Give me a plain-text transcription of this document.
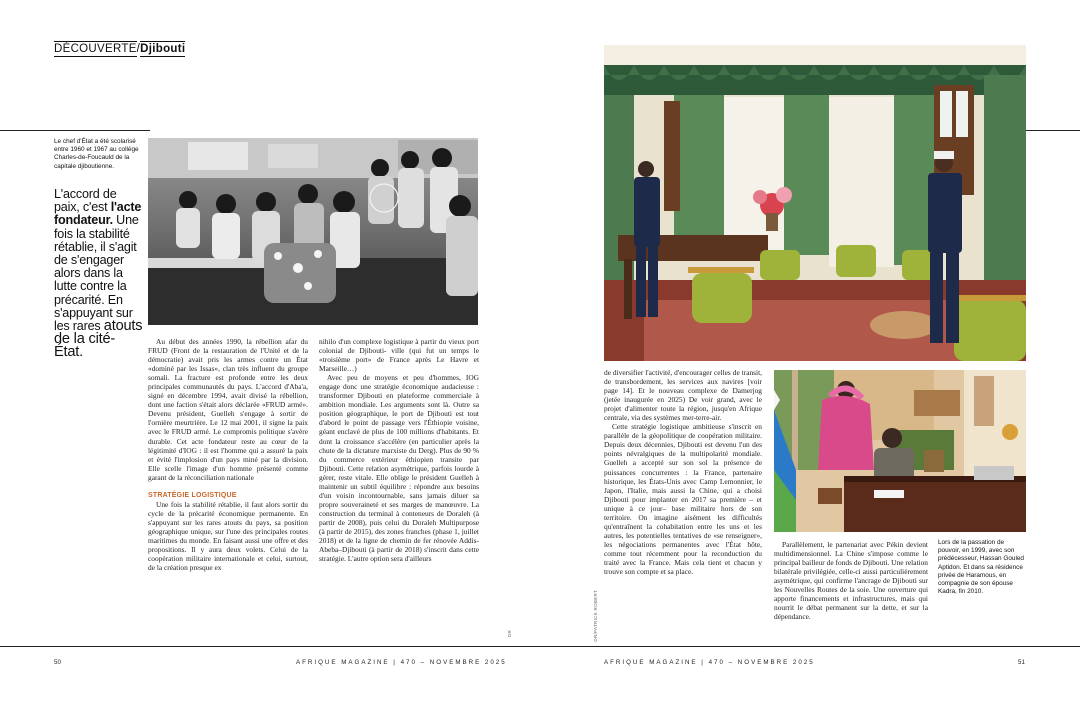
DÉCOUVERTE/Djibouti
Le chef d'État a été scolarisé entre 1960 et 1967 au collège Charles-de-Foucauld de la capitale djiboutienne.
L'accord de paix, c'est l'acte fondateur. Une fois la stabilité rétablie, il s'agit de s'engager alors dans la lutte contre la précarité. En s'appuyant sur les rares atouts de la cité-État.

Au début des années 1990, la rébellion afar du FRUD (Front de la restauration de l'Unité et de la démocratie) avait pris les armes contre un État «dominé par les Issas», clan très influent du groupe somali. La fracture est profonde entre les deux principales communautés du pays. L'accord d'Aba'a, signé en décembre 1994, avait divisé la rébellion, dont une faction s'était alors déclarée «FRUD armé». Devenu président, Guelleh s'engage à sortir de l'ornière meurtrière. Le 12 mai 2001, il signe la paix avec le FRUD armé. Le compromis politique s'avère durable. Cet acte fondateur reste au cœur de la légitimité d'IOG : il est l'homme qui a assuré la paix et évité l'implosion d'un pays miné par la division. Elle scelle l'image d'un homme présenté comme garant de la réconciliation nationale

STRATÉGIE LOGISTIQUE

Une fois la stabilité rétablie, il faut alors sortir du cycle de la précarité économique permanente. En s'appuyant sur les rares atouts du pays, sa position géographique unique, sur l'une des principales routes maritimes du monde. En faisant aussi une offre et des propositions. Il y aura deux volets. Celui de la coopération militaire internationale et celui, surtout, de la création presque ex

nihilo d'un complexe logistique à partir du vieux port colonial de Djibouti- ville (qui fut un temps le «troisième port» de France après Le Havre et Marseille…)

Avec peu de moyens et peu d'hommes, IOG engage donc une stratégie économique audacieuse : transformer Djibouti en plateforme commerciale à ambition mondiale. Les arguments sont là. Outre sa position géographique, le port de Djibouti est tout d'abord le point de passage vers l'Éthiopie voisine, géant enclavé de plus de 100 millions d'habitants. Et dont la croissance s'accélère (en particulier après la chute de la dictature marxiste du Derg). Plus de 90 % du commerce extérieur éthiopien transite par Djibouti. Cette relation asymétrique, parfois lourde à gérer, reste vitale. Elle oblige le président Guelleh à maintenir un subtil équilibre : répondre aux besoins d'un voisin incontournable, sans jamais diluer sa propre souveraineté et ses marges de manœuvre. La construction du terminal à conteneurs de Doraleh (à partir de 2008), puis celui du Doraleh Multipurpose (à partir de 2015), des zones franches (phase 1, juillet 2018) et de la ligne de chemin de fer rénovée Addis-Abeba–Djibouti (à partir de 2018) s'inscrit dans cette stratégie. L'autre option sera d'ailleurs

DR	DR/PATRICK ROBERT

de diversifier l'activité, d'encourager celles de transit, de transbordement, les services aux navires [voir page 14]. Et le nouveau complexe de Damerjog (jetée inaugurée en 2025) De voir grand, avec le projet d'alimenter toute la région, jusqu'en Afrique centrale, via des systèmes mer-terre-air.

Cette stratégie logistique ambitieuse s'inscrit en parallèle de la géopolitique de coopération militaire. Depuis deux décennies, Djibouti est devenu l'un des points névralgiques de la multipolarité mondiale. Guelleh a accepté sur son sol la présence de puissances concurrentes : la France, partenaire historique, les États-Unis avec Camp Lemonnier, le Japon, l'Italie, mais aussi la Chine, qui a choisi Djibouti pour implanter en 2017 sa première – et unique à ce jour– base militaire hors de son territoire. On imagine aisément les difficultés qu'entraînent la cohabitation entre les uns et les autres, les potentielles tentatives de «se renseigner», les négociations permanentes avec l'État hôte, comme tout récemment pour la reconduction du traité avec la France. Mais cela tient et chacun y trouve son compte et sa place.

Lors de la passation de pouvoir, en 1999, avec son prédécesseur, Hassan Gouled Aptidon. Et dans sa résidence privée de Haramous, en compagnie de son épouse Kadra, fin 2010.

Parallèlement, le partenariat avec Pékin devient multidimensionnel. La Chine s'impose comme le principal bailleur de fonds de Djibouti. Une relation bilatérale privilégiée, celle-ci aussi particulièrement asymétrique, qui confirme l'ancrage de Djibouti sur les Nouvelles Routes de la soie. Une ouverture qui apporte financements et infrastructures, mais qui nourrit le débat permanent sur la dette, et sur la dépendance.

50	AFRIQUE MAGAZINE | 470 – NOVEMBRE 2025	AFRIQUE MAGAZINE | 470 – NOVEMBRE 2025	51
